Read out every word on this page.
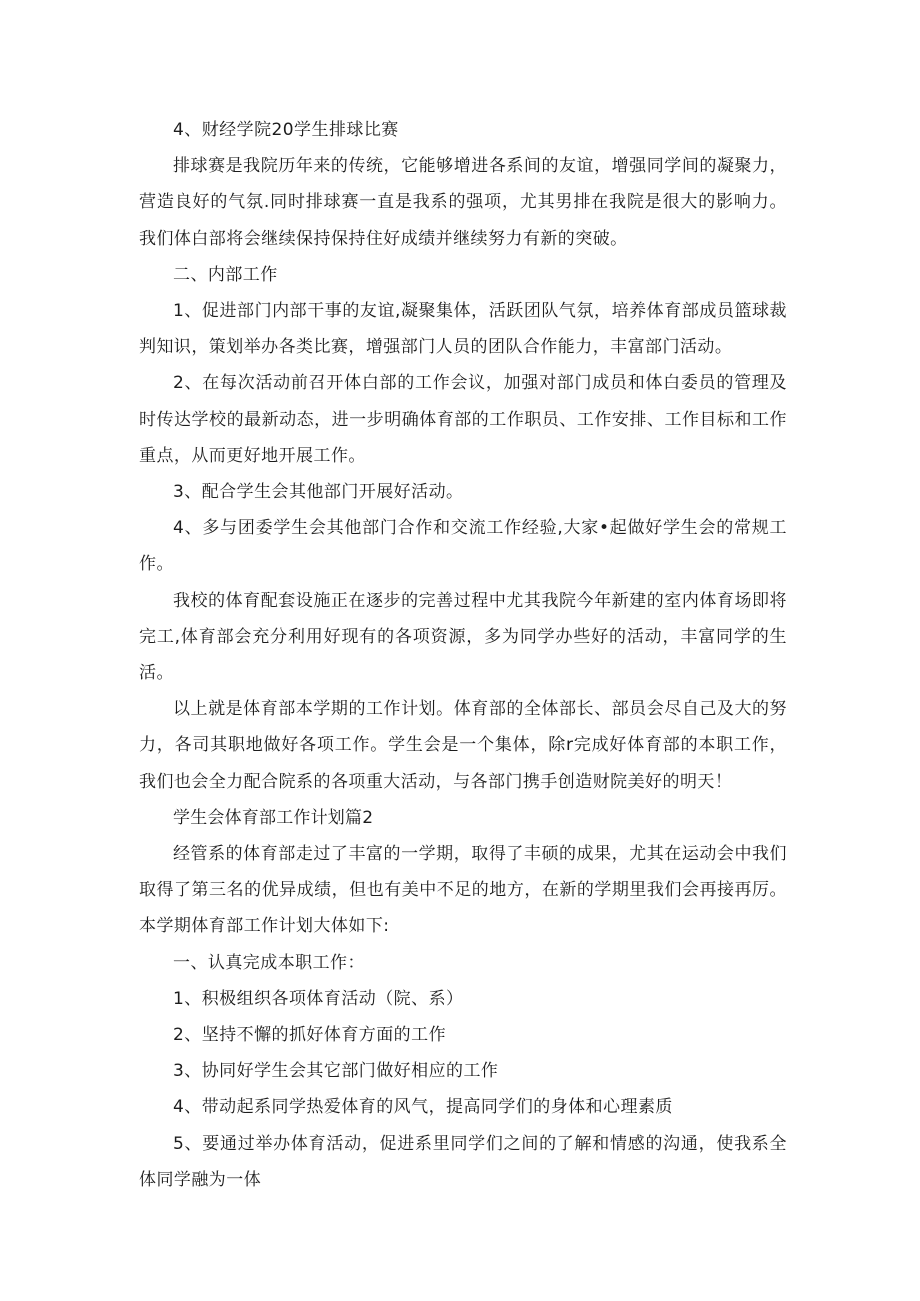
4、财经学院20学生排球比赛

排球赛是我院历年来的传统，它能够增进各系间的友谊，增强同学间的凝聚力，营造良好的气氛.同时排球赛一直是我系的强项，尤其男排在我院是很大的影响力。我们体白部将会继续保持保持住好成绩并继续努力有新的突破。

二、内部工作

1、促进部门内部干事的友谊,凝聚集体，活跃团队气氛，培养体育部成员篮球裁判知识，策划举办各类比赛，增强部门人员的团队合作能力，丰富部门活动。

2、在每次活动前召开体白部的工作会议，加强对部门成员和体白委员的管理及时传达学校的最新动态，进一步明确体育部的工作职员、工作安排、工作目标和工作重点，从而更好地开展工作。

3、配合学生会其他部门开展好活动。

4、多与团委学生会其他部门合作和交流工作经验,大家•起做好学生会的常规工作。

我校的体育配套设施正在逐步的完善过程中尤其我院今年新建的室内体育场即将完工,体育部会充分利用好现有的各项资源，多为同学办些好的活动，丰富同学的生活。

以上就是体育部本学期的工作计划。体育部的全体部长、部员会尽自己及大的努力，各司其职地做好各项工作。学生会是一个集体，除r完成好体育部的本职工作，我们也会全力配合院系的各项重大活动，与各部门携手创造财院美好的明天！

学生会体育部工作计划篇2

经管系的体育部走过了丰富的一学期，取得了丰硕的成果，尤其在运动会中我们取得了第三名的优异成绩，但也有美中不足的地方，在新的学期里我们会再接再厉。本学期体育部工作计划大体如下:

一、认真完成本职工作：

1、积极组织各项体育活动（院、系）

2、坚持不懈的抓好体育方面的工作

3、协同好学生会其它部门做好相应的工作

4、带动起系同学热爱体育的风气，提高同学们的身体和心理素质

5、要通过举办体育活动，促进系里同学们之间的了解和情感的沟通，使我系全体同学融为一体
